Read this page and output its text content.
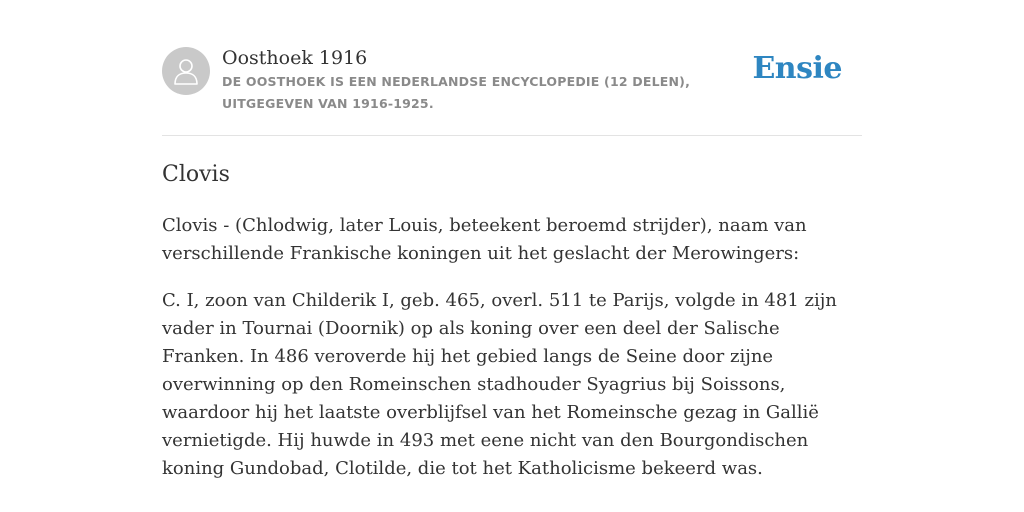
Oosthoek 1916
DE OOSTHOEK IS EEN NEDERLANDSE ENCYCLOPEDIE (12 DELEN), UITGEGEVEN VAN 1916-1925.
Ensie
Clovis

Clovis - (Chlodwig, later Louis, beteekent beroemd strijder), naam van verschillende Frankische koningen uit het geslacht der Merowingers:

C. I, zoon van Childerik I, geb. 465, overl. 511 te Parijs, volgde in 481 zijn vader in Tournai (Doornik) op als koning over een deel der Salische Franken. In 486 veroverde hij het gebied langs de Seine door zijne overwinning op den Romeinschen stadhouder Syagrius bij Soissons, waardoor hij het laatste overblijfsel van het Romeinsche gezag in Gallië vernietigde. Hij huwde in 493 met eene nicht van den Bourgondischen koning Gundobad, Clotilde, die tot het Katholicisme bekeerd was.
